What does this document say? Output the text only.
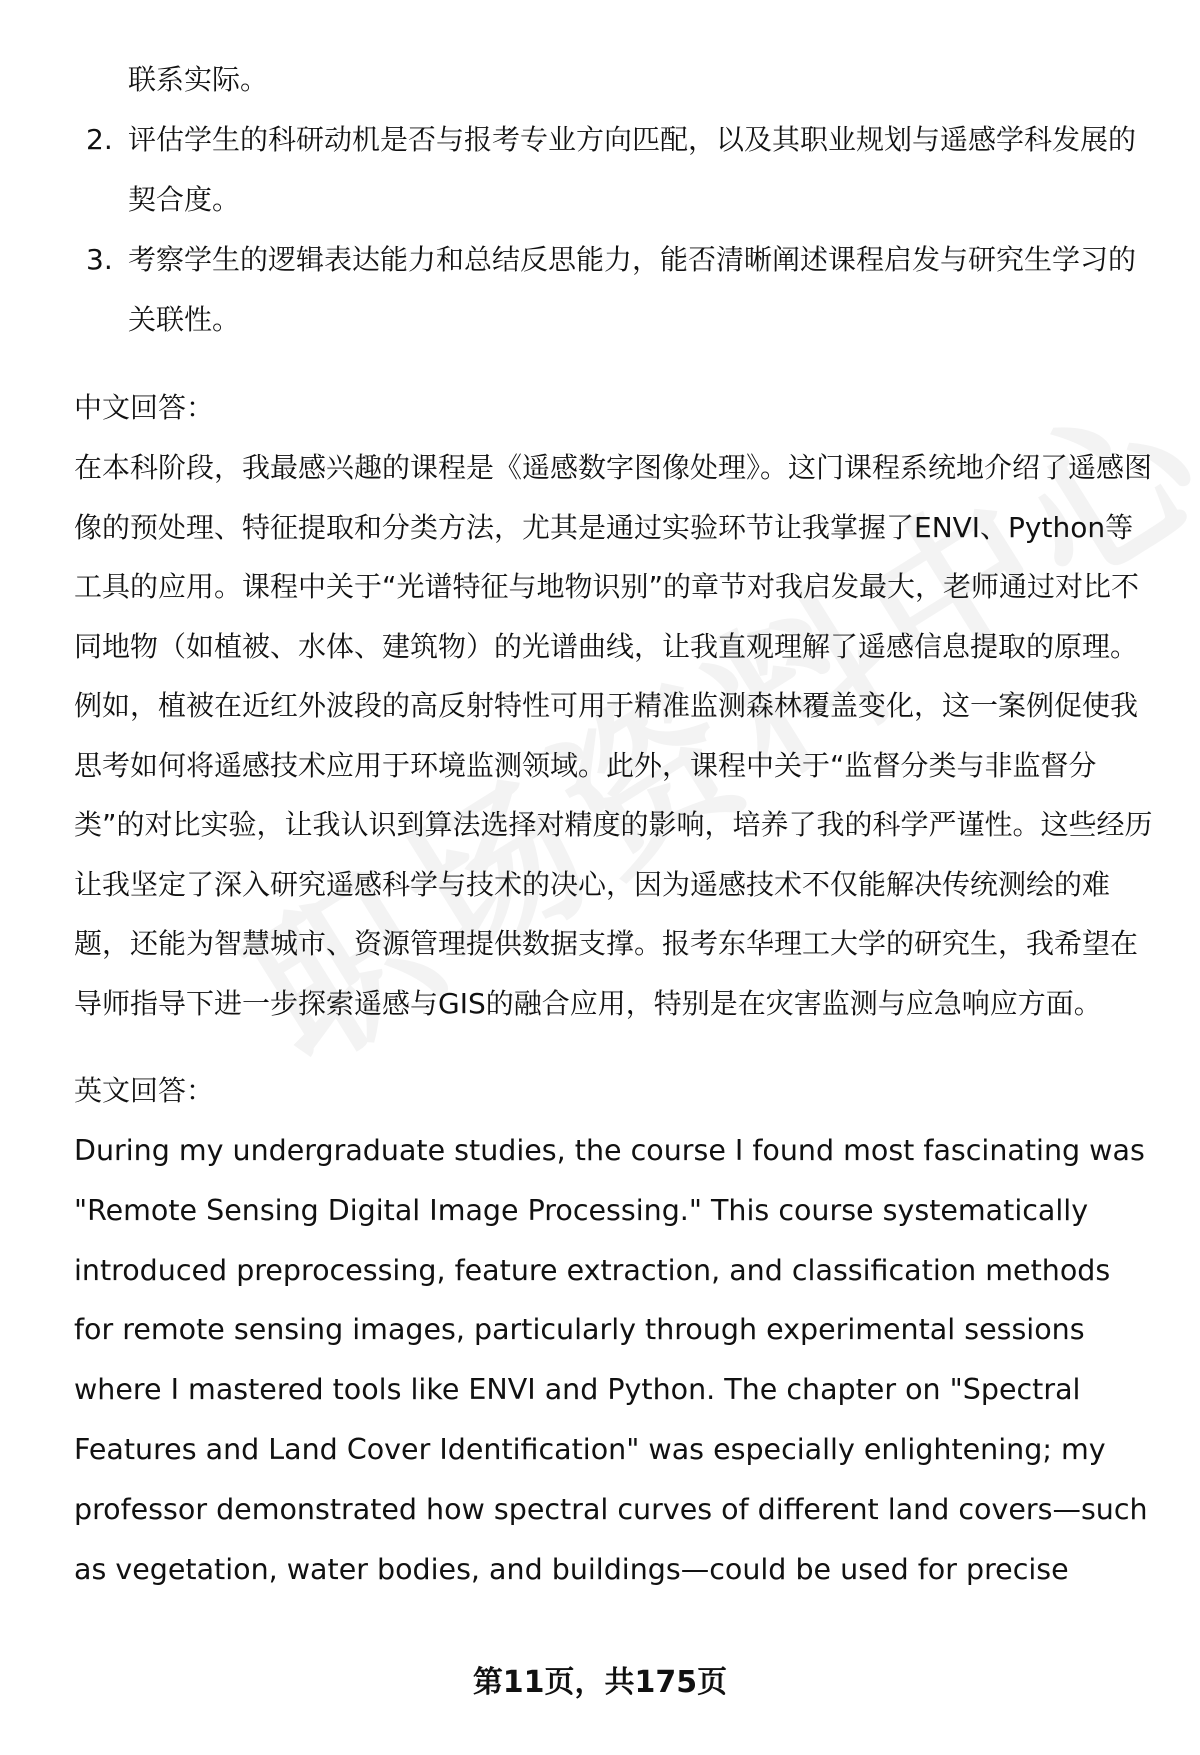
联系实际。

2. 评估学生的科研动机是否与报考专业方向匹配，以及其职业规划与遥感学科发展的契合度。
3. 考察学生的逻辑表达能力和总结反思能力，能否清晰阐述课程启发与研究生学习的关联性。

中文回答：

在本科阶段，我最感兴趣的课程是《遥感数字图像处理》。这门课程系统地介绍了遥感图像的预处理、特征提取和分类方法，尤其是通过实验环节让我掌握了ENVI、Python等工具的应用。课程中关于“光谱特征与地物识别”的章节对我启发最大，老师通过对比不同地物（如植被、水体、建筑物）的光谱曲线，让我直观理解了遥感信息提取的原理。例如，植被在近红外波段的高反射特性可用于精准监测森林覆盖变化，这一案例促使我思考如何将遥感技术应用于环境监测领域。此外，课程中关于“监督分类与非监督分类”的对比实验，让我认识到算法选择对精度的影响，培养了我的科学严谨性。这些经历让我坚定了深入研究遥感科学与技术的决心，因为遥感技术不仅能解决传统测绘的难题，还能为智慧城市、资源管理提供数据支撑。报考东华理工大学的研究生，我希望在导师指导下进一步探索遥感与GIS的融合应用，特别是在灾害监测与应急响应方面。

英文回答：

During my undergraduate studies, the course I found most fascinating was "Remote Sensing Digital Image Processing." This course systematically introduced preprocessing, feature extraction, and classification methods for remote sensing images, particularly through experimental sessions where I mastered tools like ENVI and Python. The chapter on "Spectral Features and Land Cover Identification" was especially enlightening; my professor demonstrated how spectral curves of different land covers—such as vegetation, water bodies, and buildings—could be used for precise

第11页，共175页
